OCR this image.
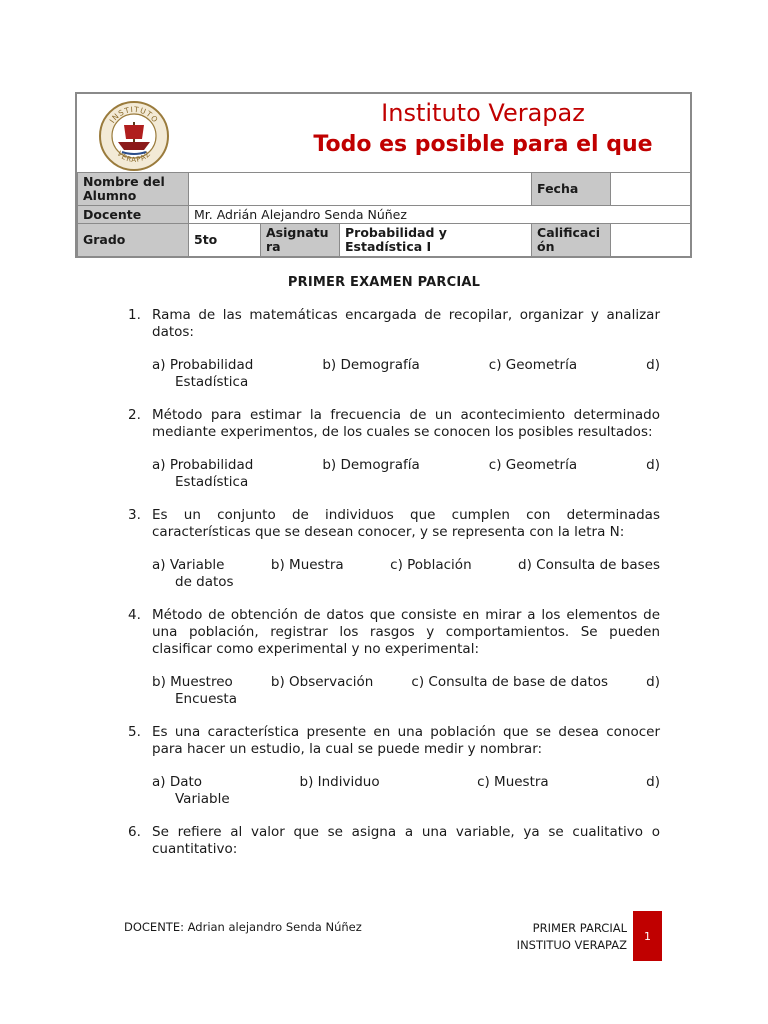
INSTITUTO
VERAPAZ
Instituto Verapaz
Todo es posible para el que
Nombre del Alumno				Fecha	
Docente	Mr. Adrián Alejandro Senda Núñez				
Grado	5to	Asignatura	Probabilidad y Estadística I	Calificación	
PRIMER EXAMEN PARCIAL
1. Rama de las matemáticas encargada de recopilar, organizar y analizar datos:
a) Probabilidad	b) Demografía	c) Geometría	d)
Estadística
2. Método para estimar la frecuencia de un acontecimiento determinado mediante experimentos, de los cuales se conocen los posibles resultados:
a) Probabilidad	b) Demografía	c) Geometría	d)
Estadística
3. Es un conjunto de individuos que cumplen con determinadas características que se desean conocer, y se representa con la letra N:
a) Variable	b) Muestra	c) Población	d) Consulta de bases
de datos
4. Método de obtención de datos que consiste en mirar a los elementos de una población, registrar los rasgos y comportamientos. Se pueden clasificar como experimental y no experimental:
b) Muestreo	b) Observación	c) Consulta de base de datos	d)
Encuesta
5. Es una característica presente en una población que se desea conocer para hacer un estudio, la cual se puede medir y nombrar:
a) Dato	b) Individuo	c) Muestra	d)
Variable
6. Se refiere al valor que se asigna a una variable, ya se cualitativo o cuantitativo:
DOCENTE: Adrian alejandro Senda Núñez	PRIMER PARCIAL
INSTITUO VERAPAZ
1
